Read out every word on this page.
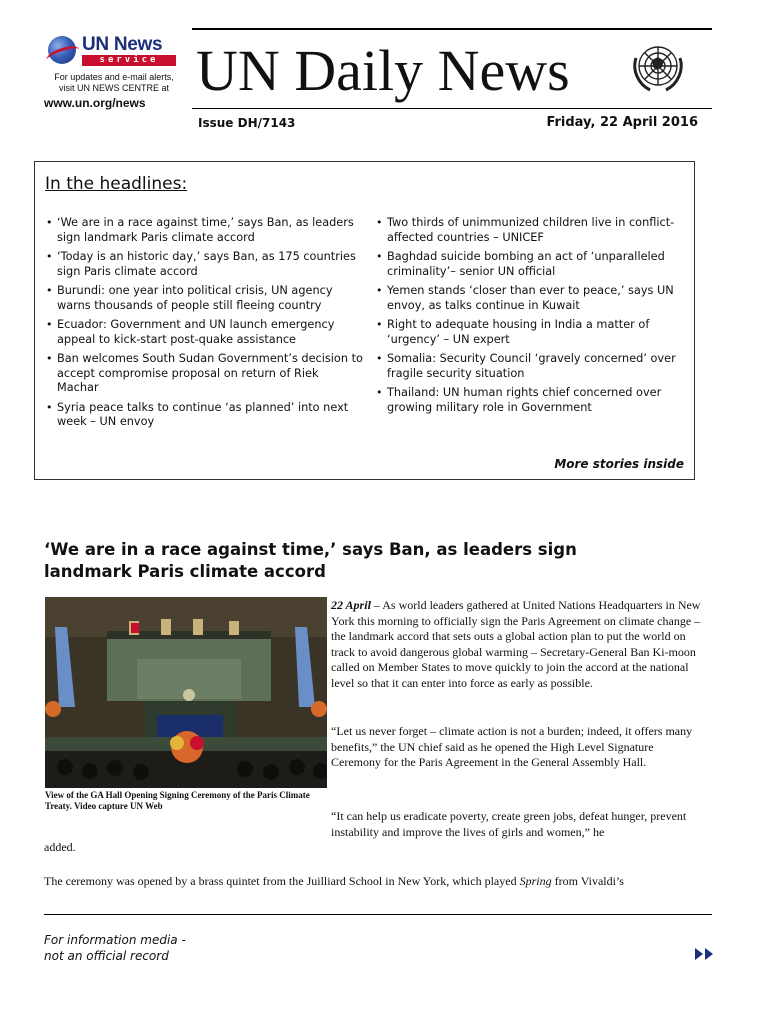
UN News
service
For updates and e-mail alerts,
visit UN NEWS CENTRE at
www.un.org/news UN Daily News
Issue DH/7143	Friday, 22 April 2016
In the headlines:
• ‘We are in a race against time,’ says Ban, as leaders sign landmark Paris climate accord
• ‘Today is an historic day,’ says Ban, as 175 countries sign Paris climate accord
• Burundi: one year into political crisis, UN agency warns thousands of people still fleeing country
• Ecuador: Government and UN launch emergency appeal to kick-start post-quake assistance
• Ban welcomes South Sudan Government’s decision to accept compromise proposal on return of Riek Machar
• Syria peace talks to continue ‘as planned’ into next week – UN envoy
• Two thirds of unimmunized children live in conflict-affected countries – UNICEF
• Baghdad suicide bombing an act of ‘unparalleled criminality’– senior UN official
• Yemen stands ‘closer than ever to peace,’ says UN envoy, as talks continue in Kuwait
• Right to adequate housing in India a matter of ‘urgency’ – UN expert
• Somalia: Security Council ‘gravely concerned’ over fragile security situation
• Thailand: UN human rights chief concerned over growing military role in Government
More stories inside
‘We are in a race against time,’ says Ban, as leaders sign landmark Paris climate accord
View of the GA Hall Opening Signing Ceremony of the Paris Climate Treaty. Video capture UN Web
22 April – As world leaders gathered at United Nations Headquarters in New York this morning to officially sign the Paris Agreement on climate change – the landmark accord that sets outs a global action plan to put the world on track to avoid dangerous global warming – Secretary-General Ban Ki-moon called on Member States to move quickly to join the accord at the national level so that it can enter into force as early as possible.
“Let us never forget – climate action is not a burden; indeed, it offers many benefits,” the UN chief said as he opened the High Level Signature Ceremony for the Paris Agreement in the General Assembly Hall.
“It can help us eradicate poverty, create green jobs, defeat hunger, prevent instability and improve the lives of girls and women,” he
added.
The ceremony was opened by a brass quintet from the Juilliard School in New York, which played Spring from Vivaldi’s
For information media -
not an official record
